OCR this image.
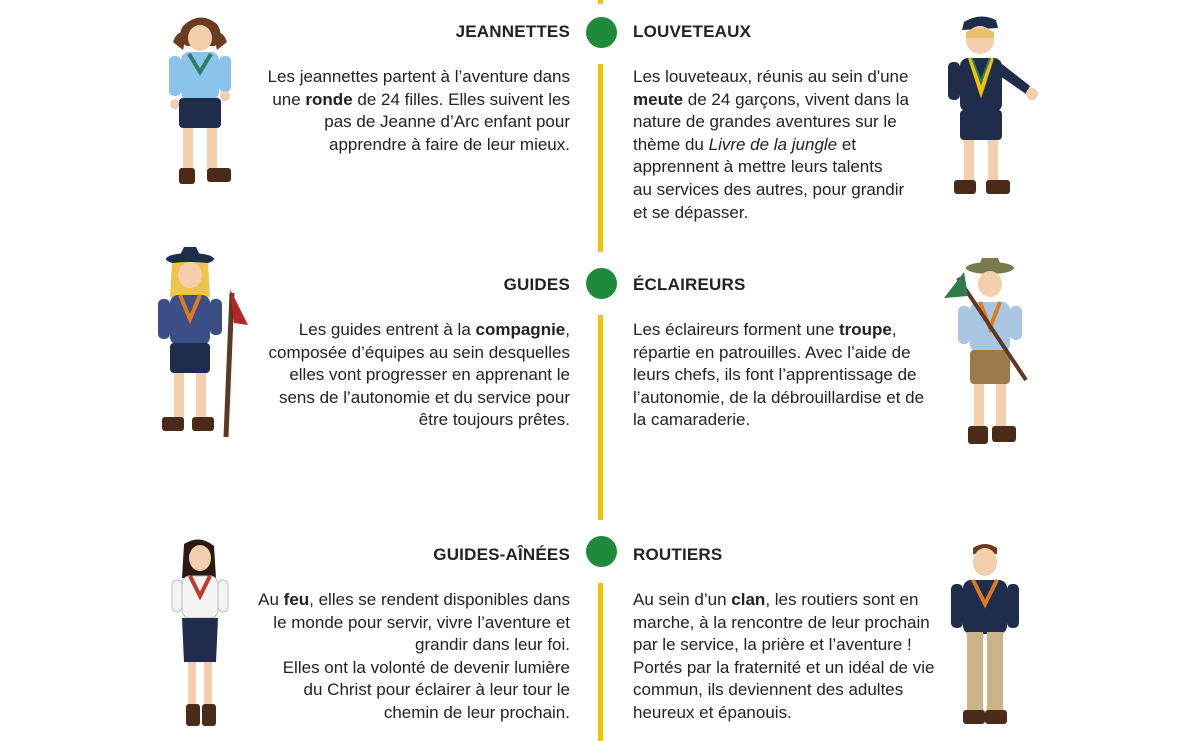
JEANNETTES	LOUVETEAUX
Les jeannettes partent à l’aventure dans
une ronde de 24 filles. Elles suivent les
pas de Jeanne d’Arc enfant pour
apprendre à faire de leur mieux.
Les louveteaux, réunis au sein d'une
meute de 24 garçons, vivent dans la
nature de grandes aventures sur le
thème du Livre de la jungle et
apprennent à mettre leurs talents
au services des autres, pour grandir
et se dépasser.
GUIDES	ÉCLAIREURS
Les guides entrent à la compagnie,
composée d’équipes au sein desquelles
elles vont progresser en apprenant le
sens de l’autonomie et du service pour
être toujours prêtes.
Les éclaireurs forment une troupe,
répartie en patrouilles. Avec l’aide de
leurs chefs, ils font l’apprentissage de
l’autonomie, de la débrouillardise et de
la camaraderie.
GUIDES-AÎNÉES	ROUTIERS
Au feu, elles se rendent disponibles dans
le monde pour servir, vivre l’aventure et
grandir dans leur foi.
Elles ont la volonté de devenir lumière
du Christ pour éclairer à leur tour le
chemin de leur prochain.
Au sein d’un clan, les routiers sont en
marche, à la rencontre de leur prochain
par le service, la prière et l’aventure !
Portés par la fraternité et un idéal de vie
commun, ils deviennent des adultes
heureux et épanouis.
